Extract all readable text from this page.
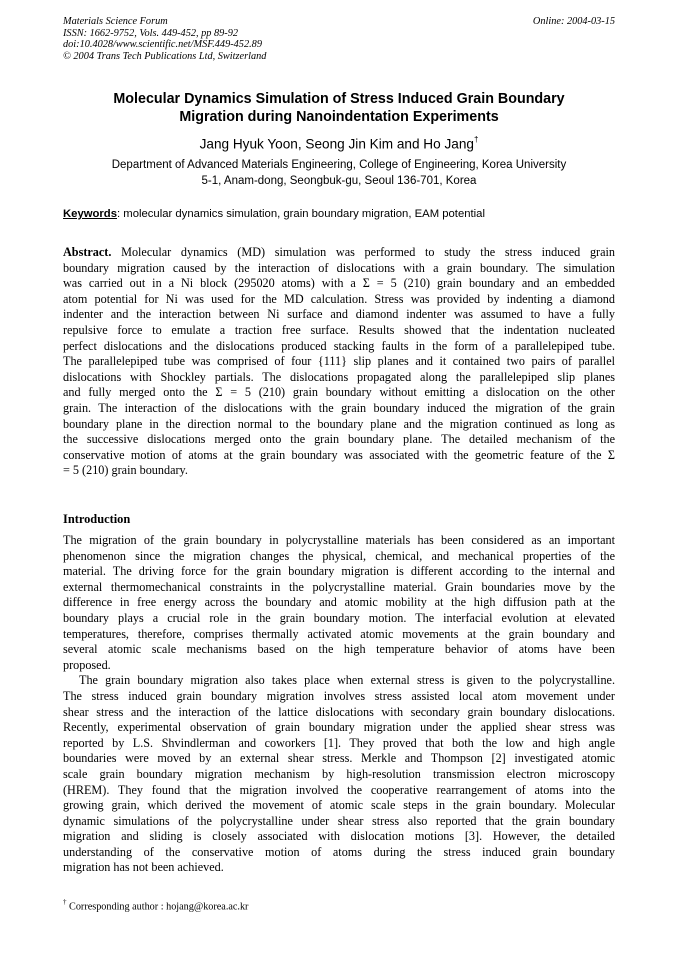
Materials Science Forum
ISSN: 1662-9752, Vols. 449-452, pp 89-92
doi:10.4028/www.scientific.net/MSF.449-452.89
© 2004 Trans Tech Publications Ltd, Switzerland
Online: 2004-03-15
Molecular Dynamics Simulation of Stress Induced Grain Boundary
Migration during Nanoindentation Experiments
Jang Hyuk Yoon, Seong Jin Kim and Ho Jang†
Department of Advanced Materials Engineering, College of Engineering, Korea University
5-1, Anam-dong, Seongbuk-gu, Seoul 136-701, Korea
Keywords: molecular dynamics simulation, grain boundary migration, EAM potential
Abstract. Molecular dynamics (MD) simulation was performed to study the stress induced grain
boundary migration caused by the interaction of dislocations with a grain boundary. The simulation
was carried out in a Ni block (295020 atoms) with a Σ = 5 (210) grain boundary and an embedded
atom potential for Ni was used for the MD calculation. Stress was provided by indenting a diamond
indenter and the interaction between Ni surface and diamond indenter was assumed to have a fully
repulsive force to emulate a traction free surface. Results showed that the indentation nucleated
perfect dislocations and the dislocations produced stacking faults in the form of a parallelepiped tube.
The parallelepiped tube was comprised of four {111} slip planes and it contained two pairs of parallel
dislocations with Shockley partials. The dislocations propagated along the parallelepiped slip planes
and fully merged onto the Σ = 5 (210) grain boundary without emitting a dislocation on the other
grain. The interaction of the dislocations with the grain boundary induced the migration of the grain
boundary plane in the direction normal to the boundary plane and the migration continued as long as
the successive dislocations merged onto the grain boundary plane. The detailed mechanism of the
conservative motion of atoms at the grain boundary was associated with the geometric feature of the Σ
= 5 (210) grain boundary.
Introduction
The migration of the grain boundary in polycrystalline materials has been considered as an important
phenomenon since the migration changes the physical, chemical, and mechanical properties of the
material. The driving force for the grain boundary migration is different according to the internal and
external thermomechanical constraints in the polycrystalline material. Grain boundaries move by the
difference in free energy across the boundary and atomic mobility at the high diffusion path at the
boundary plays a crucial role in the grain boundary motion. The interfacial evolution at elevated
temperatures, therefore, comprises thermally activated atomic movements at the grain boundary and
several atomic scale mechanisms based on the high temperature behavior of atoms have been
proposed.
The grain boundary migration also takes place when external stress is given to the polycrystalline.
The stress induced grain boundary migration involves stress assisted local atom movement under
shear stress and the interaction of the lattice dislocations with secondary grain boundary dislocations.
Recently, experimental observation of grain boundary migration under the applied shear stress was
reported by L.S. Shvindlerman and coworkers [1]. They proved that both the low and high angle
boundaries were moved by an external shear stress. Merkle and Thompson [2] investigated atomic
scale grain boundary migration mechanism by high-resolution transmission electron microscopy
(HREM). They found that the migration involved the cooperative rearrangement of atoms into the
growing grain, which derived the movement of atomic scale steps in the grain boundary. Molecular
dynamic simulations of the polycrystalline under shear stress also reported that the grain boundary
migration and sliding is closely associated with dislocation motions [3]. However, the detailed
understanding of the conservative motion of atoms during the stress induced grain boundary
migration has not been achieved.
† Corresponding author : hojang@korea.ac.kr
